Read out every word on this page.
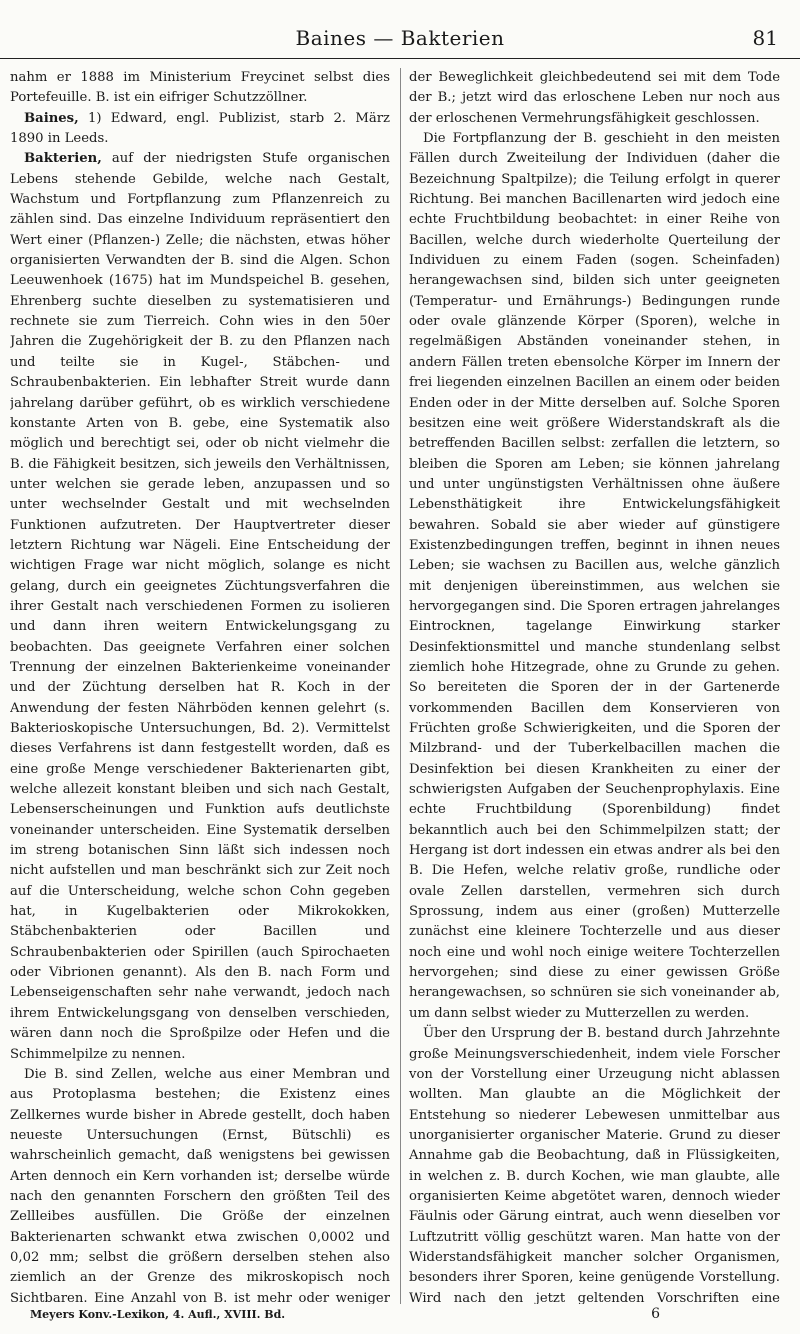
Baines — Bakterien	81

nahm er 1888 im Ministerium Freycinet selbst dies Portefeuille. B. ist ein eifriger Schutzzöllner.

Baines, 1) Edward, engl. Publizist, starb 2. März 1890 in Leeds.

Bakterien, auf der niedrigsten Stufe organischen Lebens stehende Gebilde, welche nach Gestalt, Wachstum und Fortpflanzung zum Pflanzenreich zu zählen sind. Das einzelne Individuum repräsentiert den Wert einer (Pflanzen-) Zelle; die nächsten, etwas höher organisierten Verwandten der B. sind die Algen. Schon Leeuwenhoek (1675) hat im Mundspeichel B. gesehen, Ehrenberg suchte dieselben zu systematisieren und rechnete sie zum Tierreich. Cohn wies in den 50er Jahren die Zugehörigkeit der B. zu den Pflanzen nach und teilte sie in Kugel-, Stäbchen- und Schraubenbakterien. Ein lebhafter Streit wurde dann jahrelang darüber geführt, ob es wirklich verschiedene konstante Arten von B. gebe, eine Systematik also möglich und berechtigt sei, oder ob nicht vielmehr die B. die Fähigkeit besitzen, sich jeweils den Verhältnissen, unter welchen sie gerade leben, anzupassen und so unter wechselnder Gestalt und mit wechselnden Funktionen aufzutreten. Der Hauptvertreter dieser letztern Richtung war Nägeli. Eine Entscheidung der wichtigen Frage war nicht möglich, solange es nicht gelang, durch ein geeignetes Züchtungsverfahren die ihrer Gestalt nach verschiedenen Formen zu isolieren und dann ihren weitern Entwickelungsgang zu beobachten. Das geeignete Verfahren einer solchen Trennung der einzelnen Bakterienkeime voneinander und der Züchtung derselben hat R. Koch in der Anwendung der festen Nährböden kennen gelehrt (s. Bakterioskopische Untersuchungen, Bd. 2). Vermittelst dieses Verfahrens ist dann festgestellt worden, daß es eine große Menge verschiedener Bakterienarten gibt, welche allezeit konstant bleiben und sich nach Gestalt, Lebenserscheinungen und Funktion aufs deutlichste voneinander unterscheiden. Eine Systematik derselben im streng botanischen Sinn läßt sich indessen noch nicht aufstellen und man beschränkt sich zur Zeit noch auf die Unterscheidung, welche schon Cohn gegeben hat, in Kugelbakterien oder Mikrokokken, Stäbchenbakterien oder Bacillen und Schraubenbakterien oder Spirillen (auch Spirochaeten oder Vibrionen genannt). Als den B. nach Form und Lebenseigenschaften sehr nahe verwandt, jedoch nach ihrem Entwickelungsgang von denselben verschieden, wären dann noch die Sproßpilze oder Hefen und die Schimmelpilze zu nennen.

Die B. sind Zellen, welche aus einer Membran und aus Protoplasma bestehen; die Existenz eines Zellkernes wurde bisher in Abrede gestellt, doch haben neueste Untersuchungen (Ernst, Bütschli) es wahrscheinlich gemacht, daß wenigstens bei gewissen Arten dennoch ein Kern vorhanden ist; derselbe würde nach den genannten Forschern den größten Teil des Zellleibes ausfüllen. Die Größe der einzelnen Bakterienarten schwankt etwa zwischen 0,0002 und 0,02 mm; selbst die größern derselben stehen also ziemlich an der Grenze des mikroskopisch noch Sichtbaren. Eine Anzahl von B. ist mehr oder weniger

der Beweglichkeit gleichbedeutend sei mit dem Tode der B.; jetzt wird das erloschene Leben nur noch aus der erloschenen Vermehrungsfähigkeit geschlossen.

Die Fortpflanzung der B. geschieht in den meisten Fällen durch Zweiteilung der Individuen (daher die Bezeichnung Spaltpilze); die Teilung erfolgt in querer Richtung. Bei manchen Bacillenarten wird jedoch eine echte Fruchtbildung beobachtet: in einer Reihe von Bacillen, welche durch wiederholte Querteilung der Individuen zu einem Faden (sogen. Scheinfaden) herangewachsen sind, bilden sich unter geeigneten (Temperatur- und Ernährungs-) Bedingungen runde oder ovale glänzende Körper (Sporen), welche in regelmäßigen Abständen voneinander stehen, in andern Fällen treten ebensolche Körper im Innern der frei liegenden einzelnen Bacillen an einem oder beiden Enden oder in der Mitte derselben auf. Solche Sporen besitzen eine weit größere Widerstandskraft als die betreffenden Bacillen selbst: zerfallen die letztern, so bleiben die Sporen am Leben; sie können jahrelang und unter ungünstigsten Verhältnissen ohne äußere Lebensthätigkeit ihre Entwickelungsfähigkeit bewahren. Sobald sie aber wieder auf günstigere Existenzbedingungen treffen, beginnt in ihnen neues Leben; sie wachsen zu Bacillen aus, welche gänzlich mit denjenigen übereinstimmen, aus welchen sie hervorgegangen sind. Die Sporen ertragen jahrelanges Eintrocknen, tagelange Einwirkung starker Desinfektionsmittel und manche stundenlang selbst ziemlich hohe Hitzegrade, ohne zu Grunde zu gehen. So bereiteten die Sporen der in der Gartenerde vorkommenden Bacillen dem Konservieren von Früchten große Schwierigkeiten, und die Sporen der Milzbrand- und der Tuberkelbacillen machen die Desinfektion bei diesen Krankheiten zu einer der schwierigsten Aufgaben der Seuchenprophylaxis. Eine echte Fruchtbildung (Sporenbildung) findet bekanntlich auch bei den Schimmelpilzen statt; der Hergang ist dort indessen ein etwas andrer als bei den B. Die Hefen, welche relativ große, rundliche oder ovale Zellen darstellen, vermehren sich durch Sprossung, indem aus einer (großen) Mutterzelle zunächst eine kleinere Tochterzelle und aus dieser noch eine und wohl noch einige weitere Tochterzellen hervorgehen; sind diese zu einer gewissen Größe herangewachsen, so schnüren sie sich voneinander ab, um dann selbst wieder zu Mutterzellen zu werden.

Über den Ursprung der B. bestand durch Jahrzehnte große Meinungsverschiedenheit, indem viele Forscher von der Vorstellung einer Urzeugung nicht ablassen wollten. Man glaubte an die Möglichkeit der Entstehung so niederer Lebewesen unmittelbar aus unorganisierter organischer Materie. Grund zu dieser Annahme gab die Beobachtung, daß in Flüssigkeiten, in welchen z. B. durch Kochen, wie man glaubte, alle organisierten Keime abgetötet waren, dennoch wieder Fäulnis oder Gärung eintrat, auch wenn dieselben vor Luftzutritt völlig geschützt waren. Man hatte von der Widerstandsfähigkeit mancher solcher Organismen, besonders ihrer Sporen, keine genügende Vorstellung. Wird nach den jetzt geltenden Vorschriften eine

Meyers Konv.-Lexikon, 4. Aufl., XVIII. Bd.	6
